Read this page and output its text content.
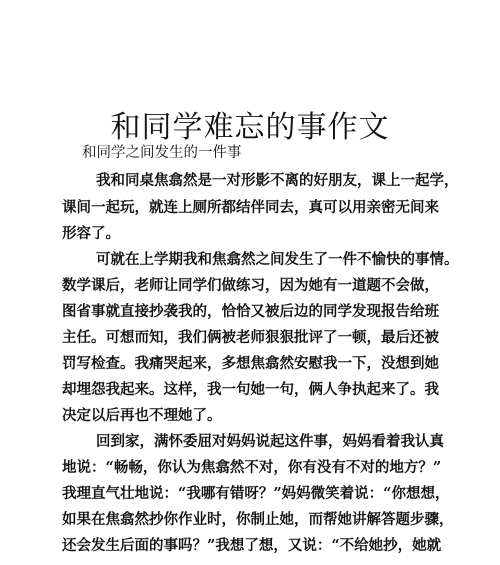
和同学难忘的事作文
和同学之间发生的一件事
我和同桌焦翕然是一对形影不离的好朋友，课上一起学，
课间一起玩，就连上厕所都结伴同去，真可以用亲密无间来
形容了。
可就在上学期我和焦翕然之间发生了一件不愉快的事情。
数学课后，老师让同学们做练习，因为她有一道题不会做，
图省事就直接抄袭我的，恰恰又被后边的同学发现报告给班
主任。可想而知，我们俩被老师狠狠批评了一顿，最后还被
罚写检查。我痛哭起来，多想焦翕然安慰我一下，没想到她
却埋怨我起来。这样，我一句她一句，俩人争执起来了。我
决定以后再也不理她了。
回到家，满怀委屈对妈妈说起这件事，妈妈看着我认真
地说：“畅畅，你认为焦翕然不对，你有没有不对的地方？”
我理直气壮地说：“我哪有错呀？”妈妈微笑着说：“你想想，
如果在焦翕然抄你作业时，你制止她，而帮她讲解答题步骤，
还会发生后面的事吗？”我想了想，又说：“不给她抄，她就
